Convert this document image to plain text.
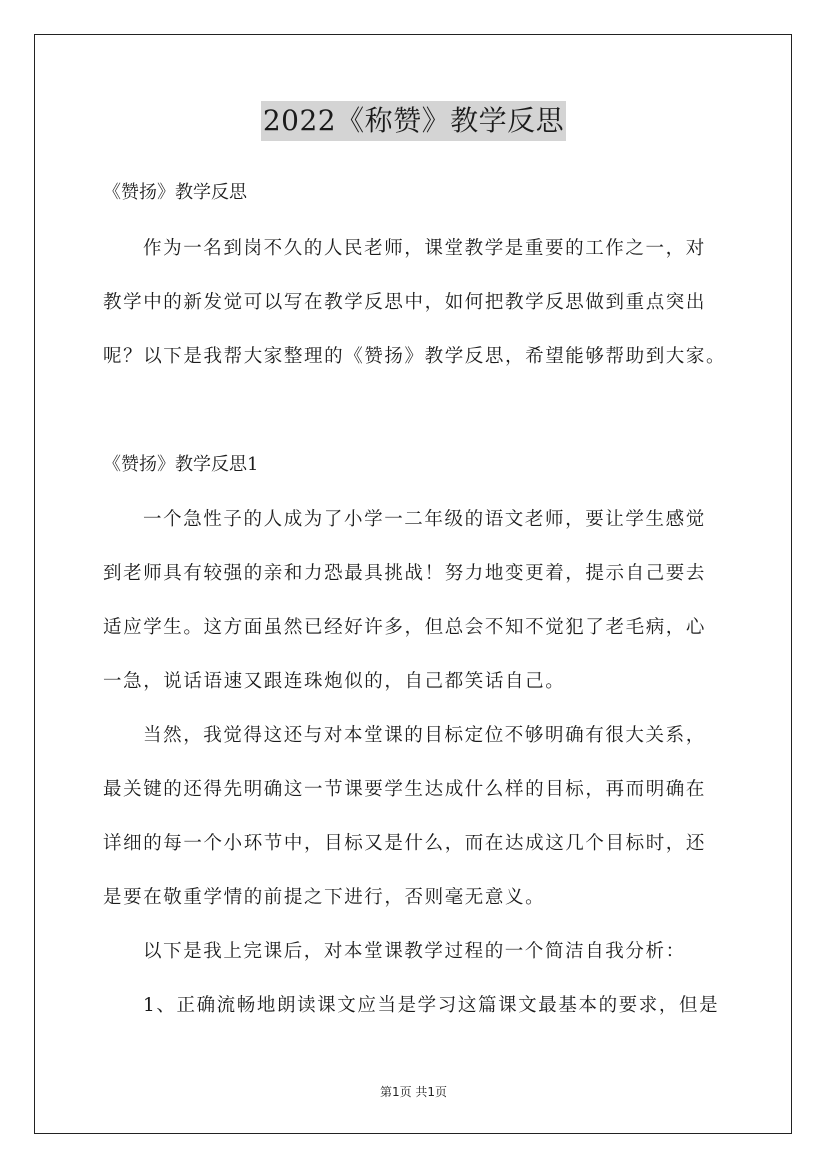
2022《称赞》教学反思
《赞扬》教学反思
作为一名到岗不久的人民老师，课堂教学是重要的工作之一，对
教学中的新发觉可以写在教学反思中，如何把教学反思做到重点突出
呢？以下是我帮大家整理的《赞扬》教学反思，希望能够帮助到大家。
《赞扬》教学反思1
一个急性子的人成为了小学一二年级的语文老师，要让学生感觉
到老师具有较强的亲和力恐最具挑战！努力地变更着，提示自己要去
适应学生。这方面虽然已经好许多，但总会不知不觉犯了老毛病，心
一急，说话语速又跟连珠炮似的，自己都笑话自己。
当然，我觉得这还与对本堂课的目标定位不够明确有很大关系，
最关键的还得先明确这一节课要学生达成什么样的目标，再而明确在
详细的每一个小环节中，目标又是什么，而在达成这几个目标时，还
是要在敬重学情的前提之下进行，否则毫无意义。
以下是我上完课后，对本堂课教学过程的一个简洁自我分析：
1、正确流畅地朗读课文应当是学习这篇课文最基本的要求，但是
第1页 共1页
